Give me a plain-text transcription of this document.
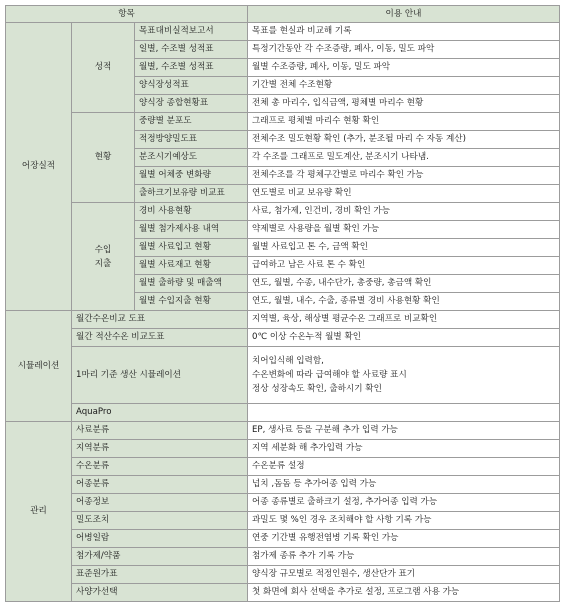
항목			이용 안내
어장실적	성적	목표대비실적보고서	목표를 현실과 비교해 기록
		일별, 수조별 성적표	특정기간동안 각 수조증량, 폐사, 이동, 밀도 파악
		월별, 수조별 성적표	월별 수조증량, 폐사, 이동, 밀도 파악
		양식장성적표	기간별 전체 수조현황
		양식장 종합현황표	전체 총 마리수, 입식금액, 평체별 마리수 현황
	현황	중량별 분포도	그래프로 평체별 마리수 현황 확인
		적정방양밀도표	전체수조 밀도현황 확인 (추가, 분조될 마리 수 자동 계산)
		분조시기예상도	각 수조를 그래프로 밀도계산, 분조시기 나타냄.
		월별 어체중 변화량	전체수조를 각 평체구간별로 마리수 확인 가능
		출하크기보유량 비교표	연도별로 비교 보유량 확인
	수입
지출	경비 사용현황	사료, 첨가제, 인건비, 경비 확인 가능
		월별 첨가제사용 내역	약제별로 사용량을 월별 확인 가능
		월별 사료입고 현황	월별 사료입고 톤 수, 금액 확인
		월별 사료재고 현황	급여하고 남은 사료 톤 수 확인
		월별 출하량 및 매출액	연도, 월별, 수종, 내수단가, 총중량, 총금액 확인
		월별 수입지출 현황	연도, 월별, 내수, 수출, 종류별 경비 사용현황 확인
시뮬레이션	월간수온비교 도표		지역별, 육상, 해상별 평균수온 그래프로 비교확인
	월간 적산수온 비교도표		0℃ 이상 수온누적 월별 확인
	1마리 기준 생산 시뮬레이션		치어입식해 입력함,
수온변화에 따라 급여해야 할 사료량 표시
정상 성장속도 확인, 출하시기 확인

	AquaPro		
관리	사료분류		EP, 생사료 등을 구분해 추가 입력 가능
	지역분류		지역 세분화 해 추가입력 가능
	수온분류		수온분류 설정
	어종분류		넙치 ,돔돔 등 추가어종 입력 가능
	어종정보		어종 종류별로 출하크기 설정, 추가어종 입력 가능
	밀도조치		과밀도 몇 %인 경우 조치해야 할 사항 기록 가능
	어병일람		연중 기간별 유행전염병 기록 확인 가능
	첨가제/약품		첨가제 종류 추가 기록 가능
	표준원가표		양식장 규모별로 적정인원수, 생산단가 표기
	사양가선택		첫 화면에 회사 선택을 추가로 설정, 프로그램 사용 가능
